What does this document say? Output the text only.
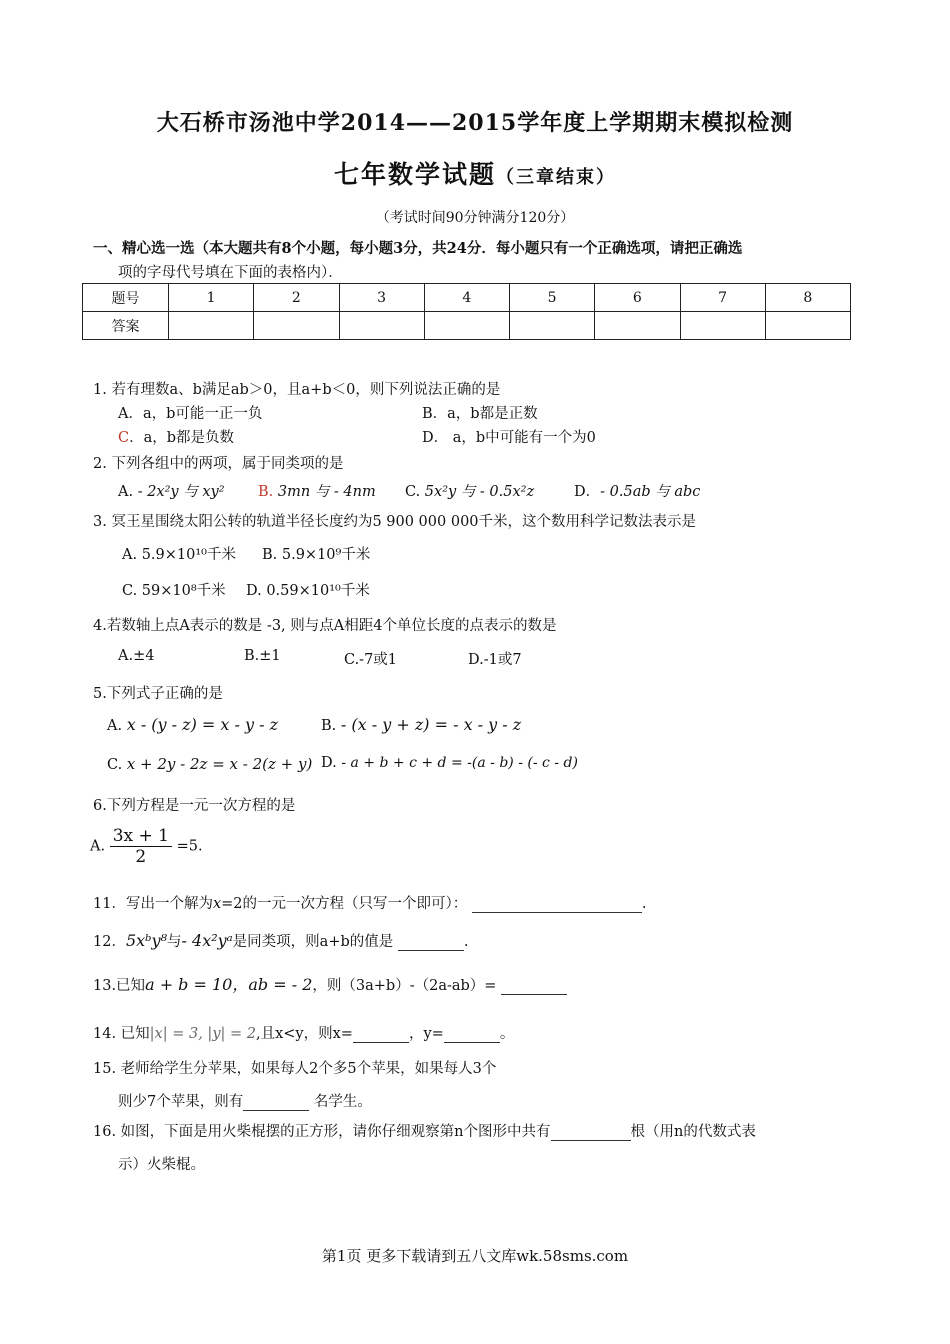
大石桥市汤池中学2014——2015学年度上学期期末模拟检测
七年数学试题（三章结束）
（考试时间90分钟满分120分）
一、精心选一选（本大题共有8个小题，每小题3分，共24分．每小题只有一个正确选项，请把正确选
项的字母代号填在下面的表格内）．
题号	1	2	3	4	5	6	7	8
答案								
1. 若有理数a、b满足ab＞0，且a+b＜0，则下列说法正确的是
A．a，b可能一正一负	B．a，b都是正数
C．a，b都是负数	D． a，b中可能有一个为0
2. 下列各组中的两项，属于同类项的是
A. - 2x²y 与 xy² B. 3mn 与 - 4nm C. 5x²y 与 - 0.5x²z	D．- 0.5ab 与 abc
3. 冥王星围绕太阳公转的轨道半径长度约为5 900 000 000千米，这个数用科学记数法表示是
A. 5.9×10¹⁰千米 B. 5.9×10⁹千米
C. 59×10⁸千米 D. 0.59×10¹⁰千米
4.若数轴上点A表示的数是 -3, 则与点A相距4个单位长度的点表示的数是
A.±4	B.±1	C.-7或1	D.-1或7
5.下列式子正确的是
A. x - (y - z) = x - y - z	B. - (x - y + z) = - x - y - z
C. x + 2y - 2z = x - 2(z + y) D. - a + b + c + d = -(a - b) - (- c - d)
6.下列方程是一元一次方程的是
A. $\frac{3x + 1}{2} =5$.
11．写出一个解为x=2的一元一次方程（只写一个即可）：	.
12．5xᵇy⁸与- 4x²yᵃ是同类项，则a+b的值是	.
13.已知a + b = 10，ab = - 2，则（3a+b）-（2a-ab）=
14. 已知|x| = 3, |y| = 2,且x<y，则x=	，y=	。
15. 老师给学生分苹果，如果每人2个多5个苹果，如果每人3个
则少7个苹果，则有	名学生。
16. 如图，下面是用火柴棍摆的正方形，请你仔细观察第n个图形中共有	根（用n的代数式表
示）火柴棍。
第1页 更多下载请到五八文库wk.58sms.com
